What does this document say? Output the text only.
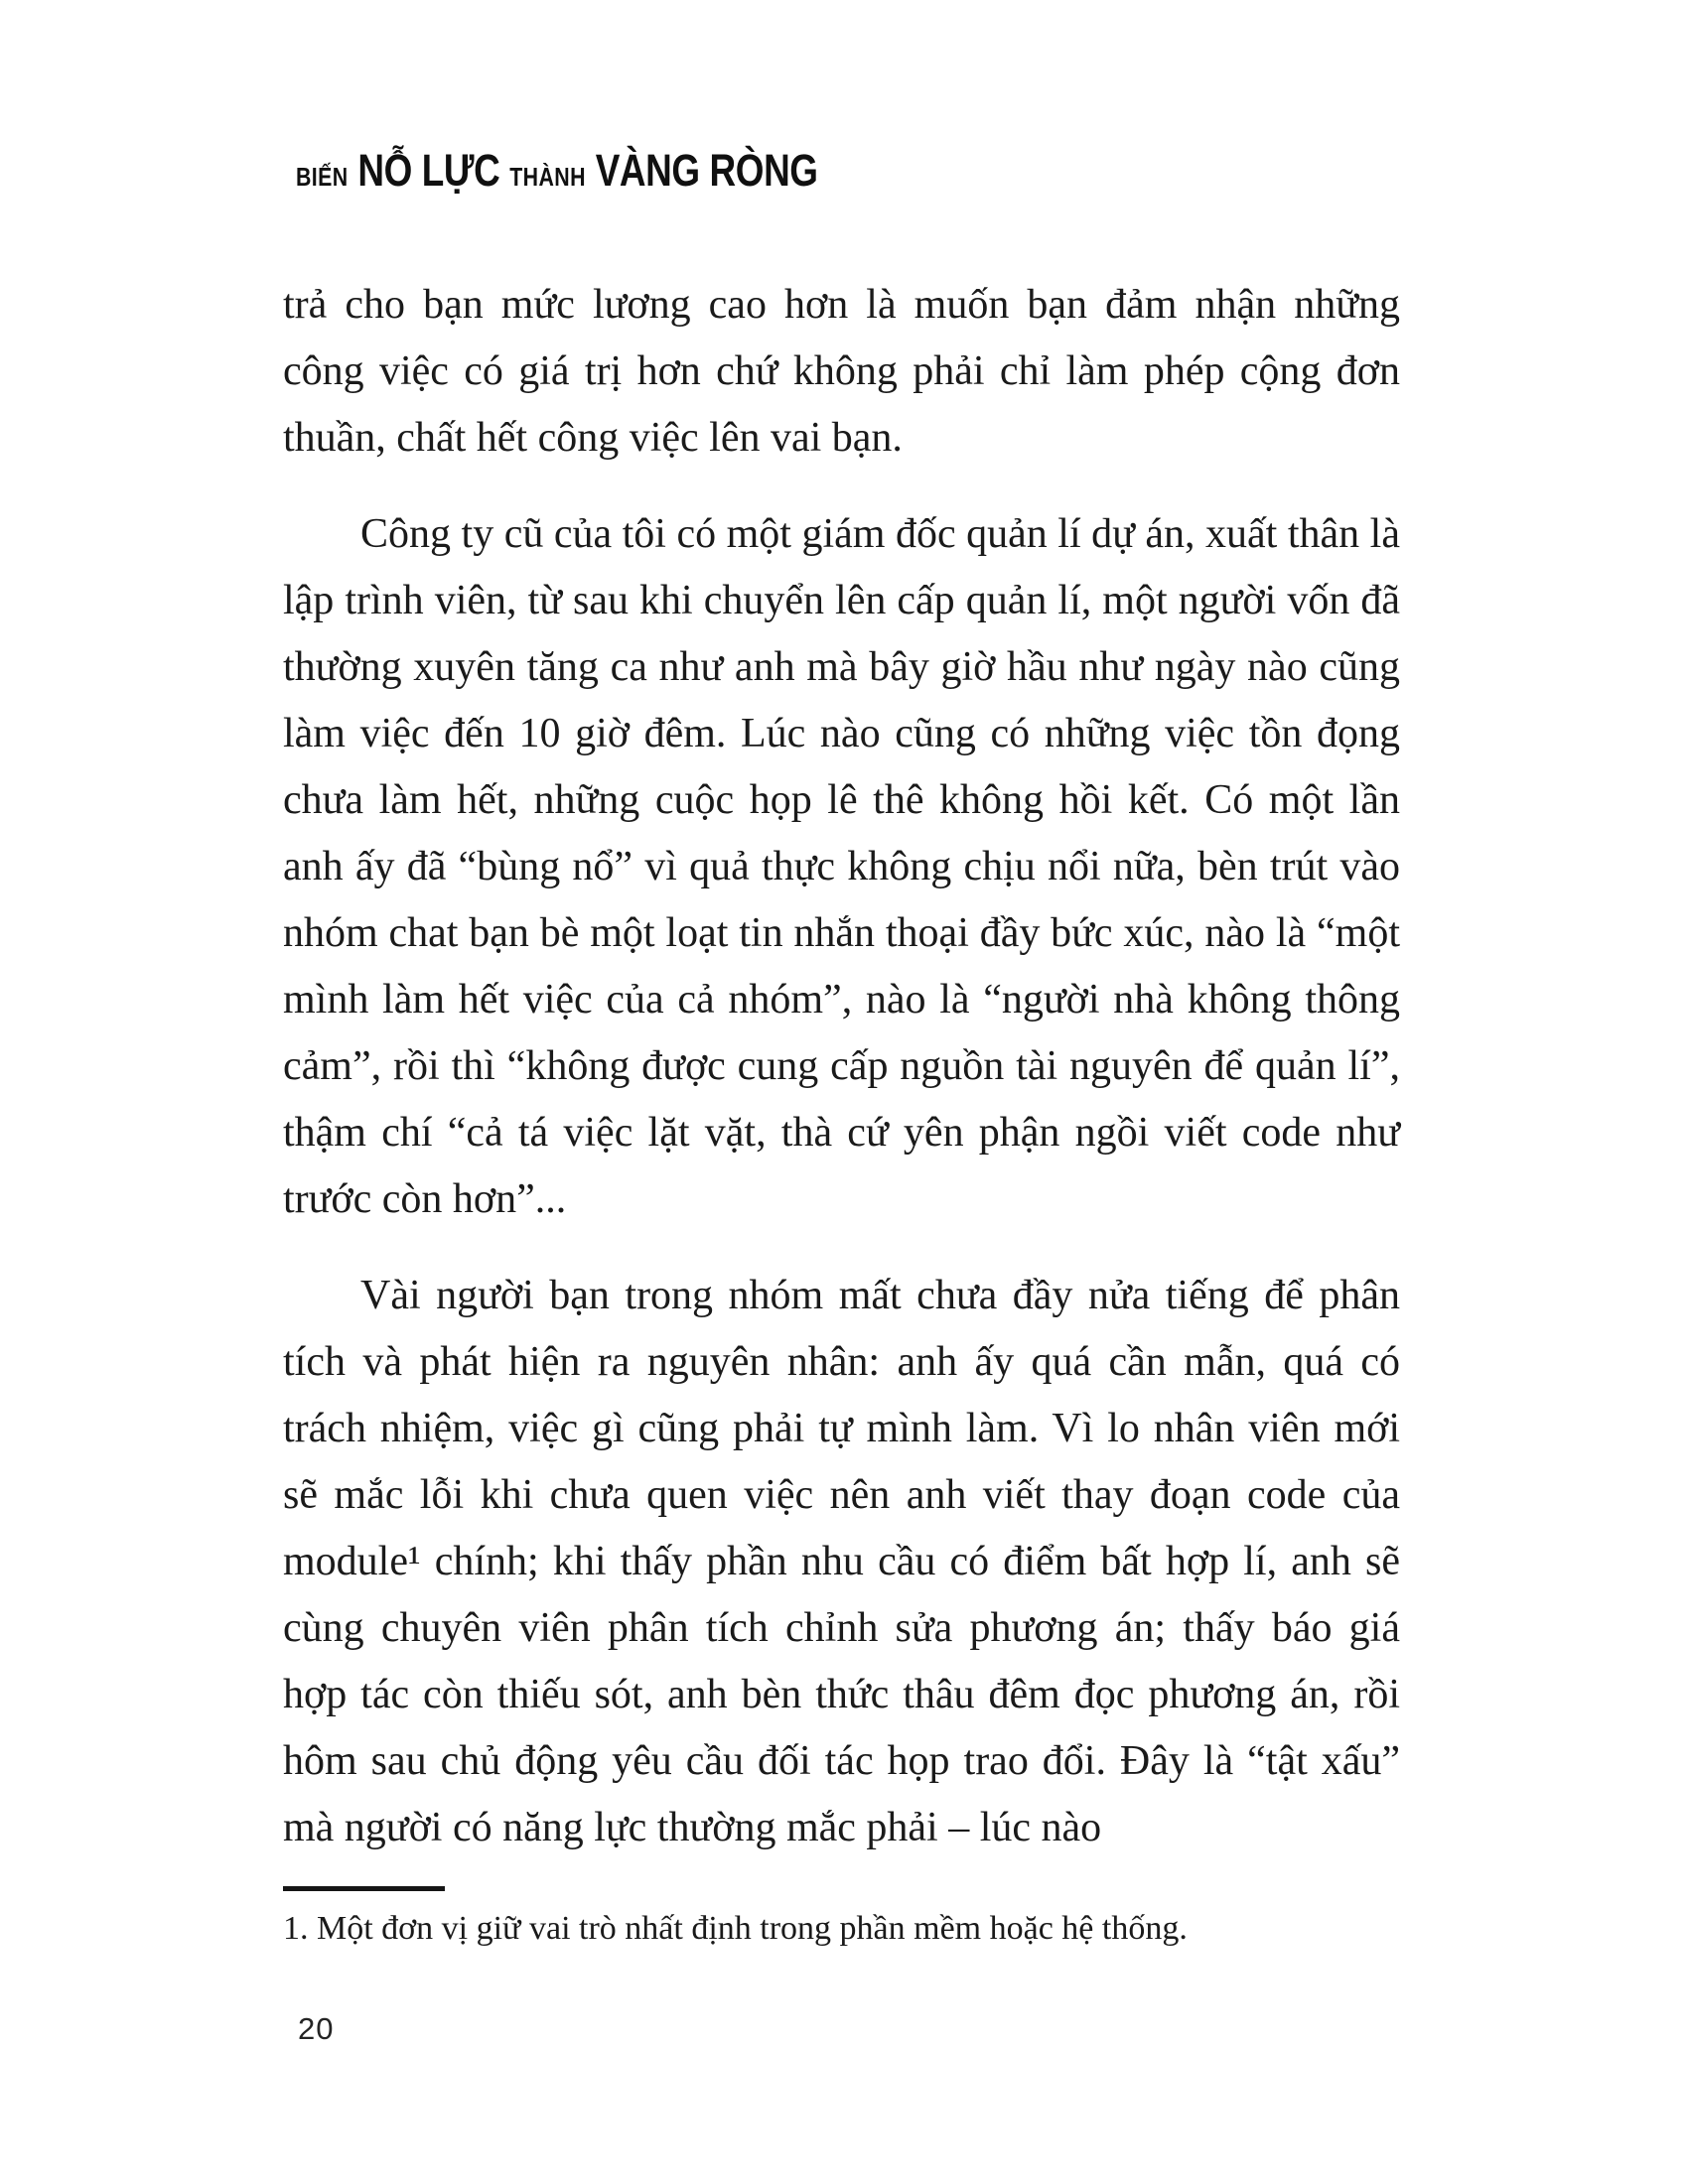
BIẾN NỖ LỰC THÀNH VÀNG RÒNG

trả cho bạn mức lương cao hơn là muốn bạn đảm nhận những công việc có giá trị hơn chứ không phải chỉ làm phép cộng đơn thuần, chất hết công việc lên vai bạn.

Công ty cũ của tôi có một giám đốc quản lí dự án, xuất thân là lập trình viên, từ sau khi chuyển lên cấp quản lí, một người vốn đã thường xuyên tăng ca như anh mà bây giờ hầu như ngày nào cũng làm việc đến 10 giờ đêm. Lúc nào cũng có những việc tồn đọng chưa làm hết, những cuộc họp lê thê không hồi kết. Có một lần anh ấy đã “bùng nổ” vì quả thực không chịu nổi nữa, bèn trút vào nhóm chat bạn bè một loạt tin nhắn thoại đầy bức xúc, nào là “một mình làm hết việc của cả nhóm”, nào là “người nhà không thông cảm”, rồi thì “không được cung cấp nguồn tài nguyên để quản lí”, thậm chí “cả tá việc lặt vặt, thà cứ yên phận ngồi viết code như trước còn hơn”...

Vài người bạn trong nhóm mất chưa đầy nửa tiếng để phân tích và phát hiện ra nguyên nhân: anh ấy quá cần mẫn, quá có trách nhiệm, việc gì cũng phải tự mình làm. Vì lo nhân viên mới sẽ mắc lỗi khi chưa quen việc nên anh viết thay đoạn code của module¹ chính; khi thấy phần nhu cầu có điểm bất hợp lí, anh sẽ cùng chuyên viên phân tích chỉnh sửa phương án; thấy báo giá hợp tác còn thiếu sót, anh bèn thức thâu đêm đọc phương án, rồi hôm sau chủ động yêu cầu đối tác họp trao đổi. Đây là “tật xấu” mà người có năng lực thường mắc phải – lúc nào

1. Một đơn vị giữ vai trò nhất định trong phần mềm hoặc hệ thống.

20
